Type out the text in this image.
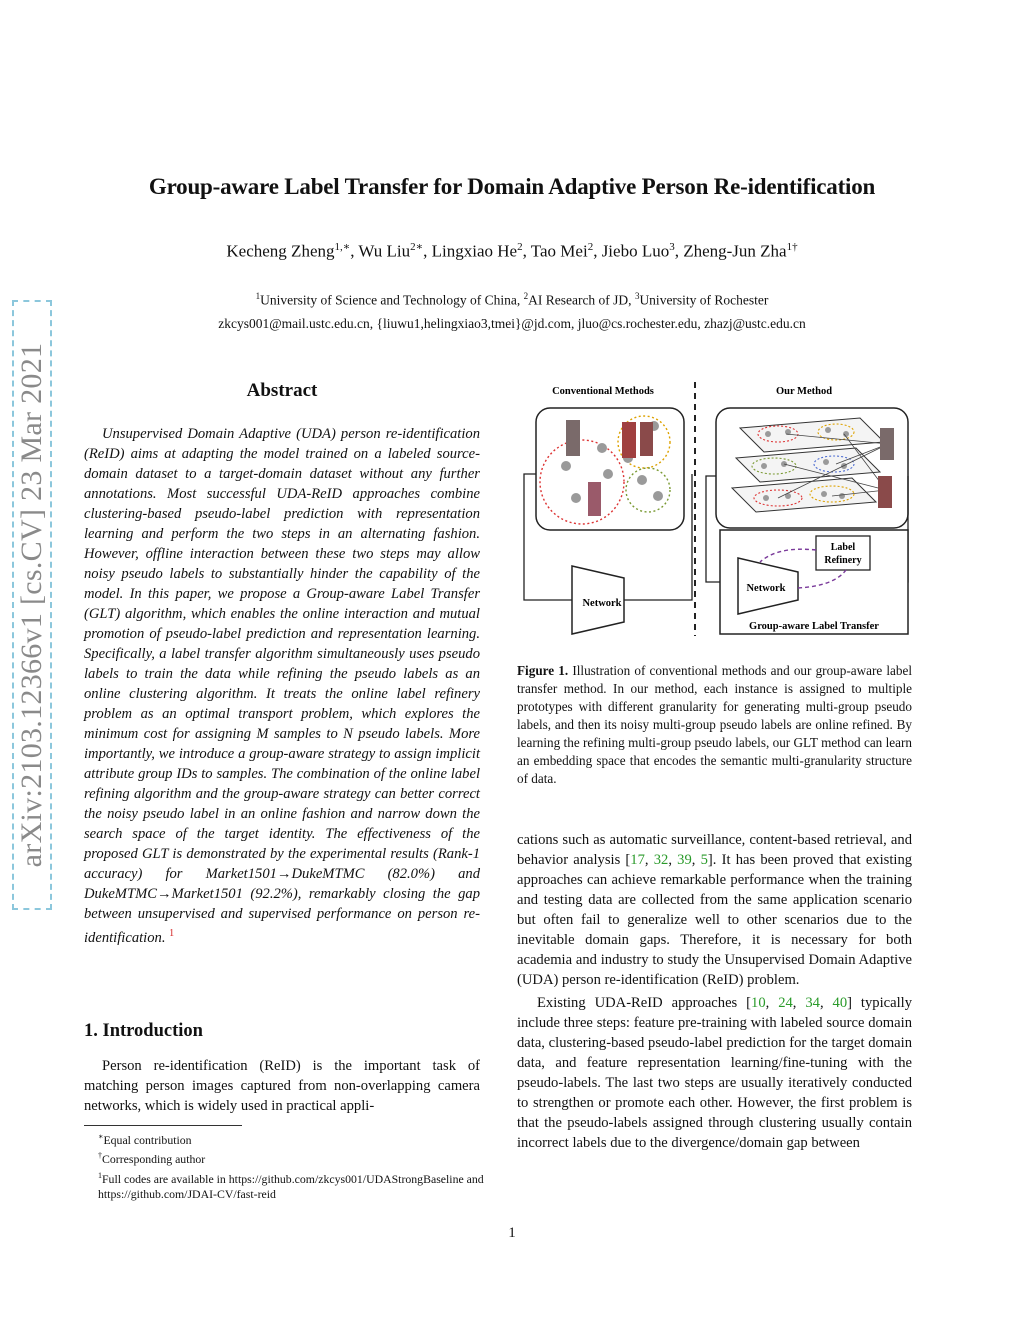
arXiv:2103.12366v1 [cs.CV] 23 Mar 2021
Group-aware Label Transfer for Domain Adaptive Person Re-identification
Kecheng Zheng$^{1,∗}$, Wu Liu$^{2∗}$, Lingxiao He$^2$, Tao Mei$^2$, Jiebo Luo$^3$, Zheng-Jun Zha$^{1\dagger}$
$^1$University of Science and Technology of China, $^2$AI Research of JD, $^3$University of Rochester
zkcys001@mail.ustc.edu.cn, {liuwu1,helingxiao3,tmei}@jd.com, jluo@cs.rochester.edu, zhazj@ustc.edu.cn
Abstract
Unsupervised Domain Adaptive (UDA) person re-identification (ReID) aims at adapting the model trained on a labeled source-domain dataset to a target-domain dataset without any further annotations. Most successful UDA-ReID approaches combine clustering-based pseudo-label prediction with representation learning and perform the two steps in an alternating fashion. However, offline interaction between these two steps may allow noisy pseudo labels to substantially hinder the capability of the model. In this paper, we propose a Group-aware Label Transfer (GLT) algorithm, which enables the online interaction and mutual promotion of pseudo-label prediction and representation learning. Specifically, a label transfer algorithm simultaneously uses pseudo labels to train the data while refining the pseudo labels as an online clustering algorithm. It treats the online label refinery problem as an optimal transport problem, which explores the minimum cost for assigning M samples to N pseudo labels. More importantly, we introduce a group-aware strategy to assign implicit attribute group IDs to samples. The combination of the online label refining algorithm and the group-aware strategy can better correct the noisy pseudo label in an online fashion and narrow down the search space of the target identity. The effectiveness of the proposed GLT is demonstrated by the experimental results (Rank-1 accuracy) for Market1501→DukeMTMC (82.0%) and DukeMTMC→Market1501 (92.2%), remarkably closing the gap between unsupervised and supervised performance on person re-identification. $^1$
1. Introduction
Person re-identification (ReID) is the important task of matching person images captured from non-overlapping camera networks, which is widely used in practical appli-
∗Equal contribution
†Corresponding author
$^1$Full codes are available in https://github.com/zkcys001/UDAStrongBaseline and https://github.com/JDAI-CV/fast-reid
Conventional Methods	Our Method
Network
Network
Label
Refinery
Group-aware Label Transfer
Figure 1. Illustration of conventional methods and our group-aware label transfer method. In our method, each instance is assigned to multiple prototypes with different granularity for generating multi-group pseudo labels, and then its noisy multi-group pseudo labels are online refined. By learning the refining multi-group pseudo labels, our GLT method can learn an embedding space that encodes the semantic multi-granularity structure of data.

cations such as automatic surveillance, content-based retrieval, and behavior analysis [17, 32, 39, 5]. It has been proved that existing approaches can achieve remarkable performance when the training and testing data are collected from the same application scenario but often fail to generalize well to other scenarios due to the inevitable domain gaps. Therefore, it is necessary for both academia and industry to study the Unsupervised Domain Adaptive (UDA) person re-identification (ReID) problem.

Existing UDA-ReID approaches [10, 24, 34, 40] typically include three steps: feature pre-training with labeled source domain data, clustering-based pseudo-label prediction for the target domain data, and feature representation learning/fine-tuning with the pseudo-labels. The last two steps are usually iteratively conducted to strengthen or promote each other. However, the first problem is that the pseudo-labels assigned through clustering usually contain incorrect labels due to the divergence/domain gap between

1
